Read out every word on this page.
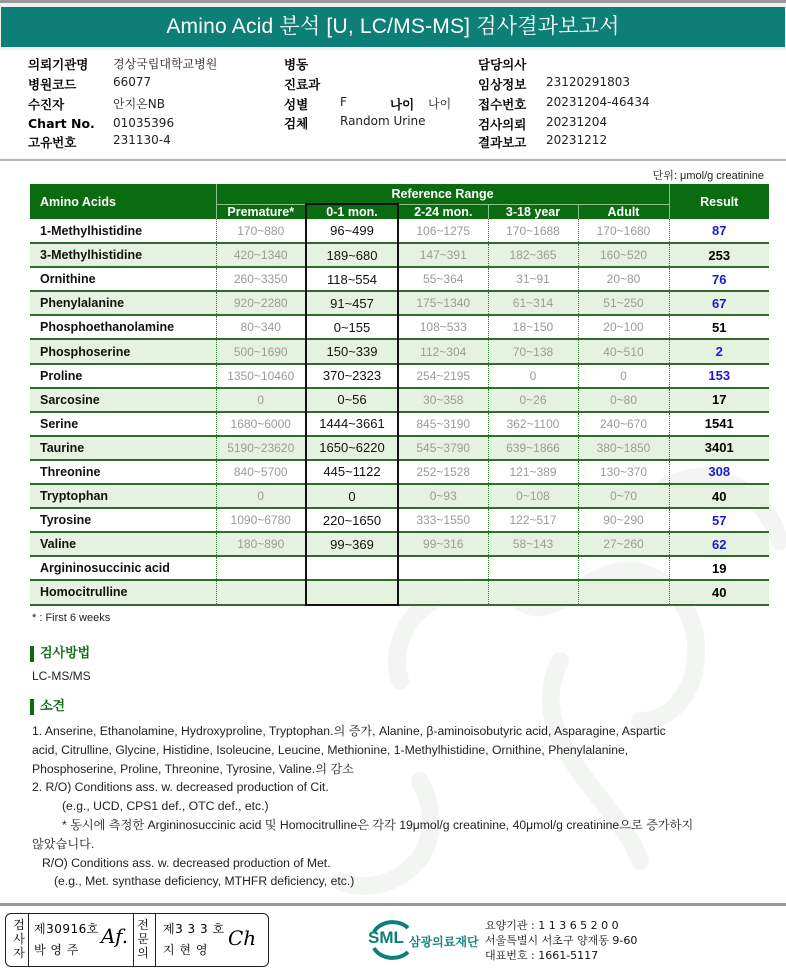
Amino Acid 분석 [U, LC/MS-MS] 검사결과보고서
의뢰기관명 경상국립대학교병원
병원코드	66077
수진자	안지온NB
Chart No. 01035396
고유번호	231130-4
병동
진료과
성별	F	나이 나이
검체	Random Urine
담당의사
임상정보 23120291803
접수번호 20231204-46434
검사의뢰 20231204
결과보고 20231212
단위: μmol/g creatinine
Amino Acids	Reference Range					Result
	Premature*	0-1 mon.	2-24 mon.	3-18 year	Adult	
1-Methylhistidine	170~880	96~499	106~1275	170~1688	170~1680	87
3-Methylhistidine	420~1340	189~680	147~391	182~365	160~520	253
Ornithine	260~3350	118~554	55~364	31~91	20~80	76
Phenylalanine	920~2280	91~457	175~1340	61~314	51~250	67
Phosphoethanolamine	80~340	0~155	108~533	18~150	20~100	51
Phosphoserine	500~1690	150~339	112~304	70~138	40~510	2
Proline	1350~10460	370~2323	254~2195	0	0	153
Sarcosine	0	0~56	30~358	0~26	0~80	17
Serine	1680~6000	1444~3661	845~3190	362~1100	240~670	1541
Taurine	5190~23620	1650~6220	545~3790	639~1866	380~1850	3401
Threonine	840~5700	445~1122	252~1528	121~389	130~370	308
Tryptophan	0	0	0~93	0~108	0~70	40
Tyrosine	1090~6780	220~1650	333~1550	122~517	90~290	57
Valine	180~890	99~369	99~316	58~143	27~260	62
Argininosuccinic acid						19
Homocitrulline						40
* : First 6 weeks
검사방법
LC-MS/MS
소견
1. Anserine, Ethanolamine, Hydroxyproline, Tryptophan.의 증가, Alanine, β-aminoisobutyric acid, Asparagine, Aspartic
acid, Citrulline, Glycine, Histidine, Isoleucine, Leucine, Methionine, 1-Methylhistidine, Ornithine, Phenylalanine,
Phosphoserine, Proline, Threonine, Tyrosine, Valine.의 감소
2. R/O) Conditions ass. w. decreased production of Cit.
(e.g., UCD, CPS1 def., OTC def., etc.)
* 동시에 측정한 Argininosuccinic acid 및 Homocitrulline은 각각 19μmol/g creatinine, 40μmol/g creatinine으로 증가하지
않았습니다.
R/O) Conditions ass. w. decreased production of Met.
(e.g., Met. synthase deficiency, MTHFR deficiency, etc.)
검
사
자
제30916호
박 영 주
Af. 전
문
의
제3 3 3 호
지 현 영 Ch	SML 삼광의료재단
요양기관 : 1 1 3 6 5 2 0 0
서울특별시 서초구 양재동 9-60
대표번호 : 1661-5117
